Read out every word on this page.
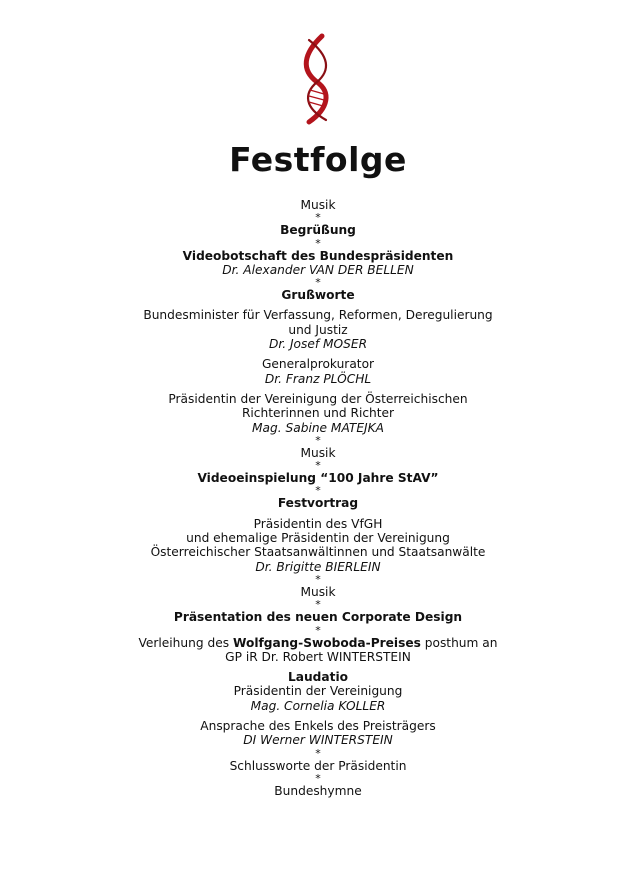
Festfolge
Musik
*
Begrüßung
*
Videobotschaft des Bundespräsidenten
Dr. Alexander VAN DER BELLEN
*
Grußworte
Bundesminister für Verfassung, Reformen, Deregulierung
und Justiz
Dr. Josef MOSER
Generalprokurator
Dr. Franz PLÖCHL
Präsidentin der Vereinigung der Österreichischen
Richterinnen und Richter
Mag. Sabine MATEJKA
*
Musik
*
Videoeinspielung “100 Jahre StAV”
*
Festvortrag
Präsidentin des VfGH
und ehemalige Präsidentin der Vereinigung
Österreichischer Staatsanwältinnen und Staatsanwälte
Dr. Brigitte BIERLEIN
*
Musik
*
Präsentation des neuen Corporate Design
*
Verleihung des Wolfgang-Swoboda-Preises posthum an
GP iR Dr. Robert WINTERSTEIN
Laudatio
Präsidentin der Vereinigung
Mag. Cornelia KOLLER
Ansprache des Enkels des Preisträgers
DI Werner WINTERSTEIN
*
Schlussworte der Präsidentin
*
Bundeshymne
